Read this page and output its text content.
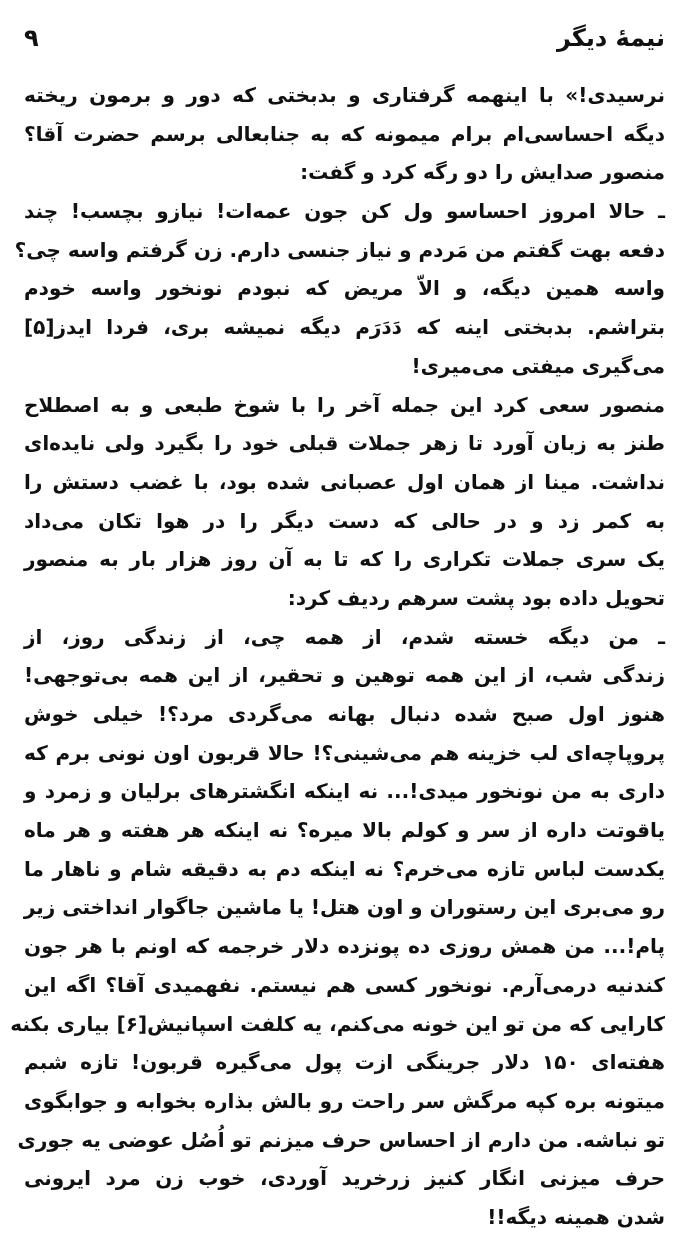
نیمهٔ دیگر
۹
نرسیدی!» با اینهمه گرفتاری و بدبختی که دور و برمون ریخته
دیگه احساسی‌ام برام میمونه که به جنابعالی برسم حضرت آقا؟
منصور صدایش را دو رگه کرد و گفت:
ـ حالا امروز احساسو ول کن جون عمه‌ات! نیازو بچسب! چند
دفعه بهت گفتم من مَردم و نیاز جنسی دارم. زن گرفتم واسه چی؟
واسه همین دیگه، و الاّ مریض که نبودم نونخور واسه خودم
بتراشم. بدبختی اینه که دَدَرَم دیگه نمیشه بری، فردا ایدز[۵]
می‌گیری میفتی می‌میری!
منصور سعی کرد این جمله آخر را با شوخ طبعی و به اصطلاح
طنز به زبان آورد تا زهر جملات قبلی خود را بگیرد ولی نایده‌ای
نداشت. مینا از همان اول عصبانی شده بود، با غضب دستش را
به کمر زد و در حالی که دست دیگر را در هوا تکان می‌داد
یک سری جملات تکراری را که تا به آن روز هزار بار به منصور
تحویل داده بود پشت سرهم ردیف کرد:
ـ من دیگه خسته شدم، از همه چی، از زندگی روز، از
زندگی شب، از این همه توهین و تحقیر، از این همه بی‌توجهی!
هنوز اول صبح شده دنبال بهانه می‌گردی مرد؟! خیلی خوش
پروپاچه‌ای لب خزینه هم می‌شینی؟! حالا قربون اون نونی برم که
داری به من نونخور میدی!... نه اینکه انگشترهای برلیان و زمرد و
یاقوتت داره از سر و کولم بالا میره؟ نه اینکه هر هفته و هر ماه
یکدست لباس تازه می‌خرم؟ نه اینکه دم به دقیقه شام و ناهار ما
رو می‌بری این رستوران و اون هتل! یا ماشین جاگوار انداختی زیر
پام!... من همش روزی ده پونزده دلار خرجمه که اونم با هر جون
کندنیه درمی‌آرم. نونخور کسی هم نیستم. نفهمیدی آقا؟ اگه این
کارایی که من تو این خونه می‌کنم، یه کلفت اسپانیش[۶] بیاری بکنه
هفته‌ای ۱۵۰ دلار جرینگی ازت پول می‌گیره قربون! تازه شبم
میتونه بره کپه مرگش سر راحت رو بالش بذاره بخوابه و جوابگوی
تو نباشه. من دارم از احساس حرف میزنم تو اُصُل عوضی یه جوری
حرف میزنی انگار کنیز زرخرید آوردی، خوب زن مرد ایرونی
شدن همینه دیگه!!
